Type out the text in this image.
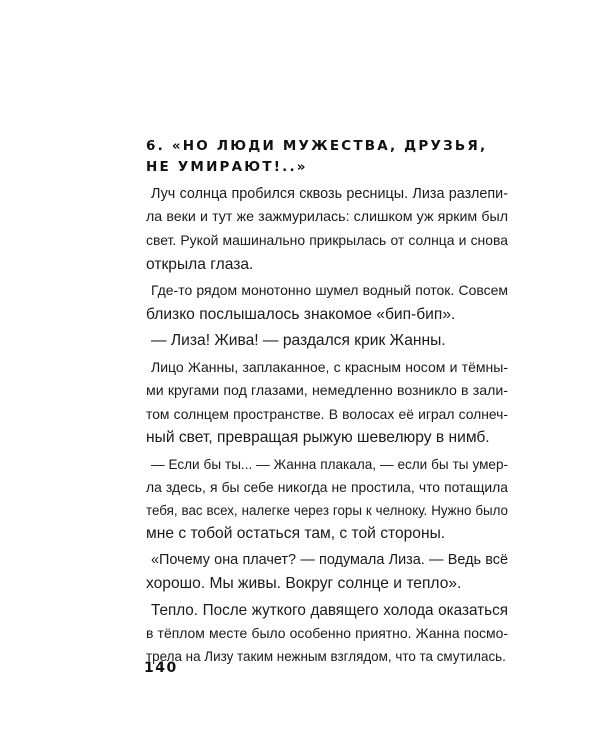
6. «НО ЛЮДИ МУЖЕСТВА, ДРУЗЬЯ,
НЕ УМИРАЮТ!..»
Луч солнца пробился сквозь ресницы. Лиза разлепи-
ла веки и тут же зажмурилась: слишком уж ярким был
свет. Рукой машинально прикрылась от солнца и снова
открыла глаза.
Где-то рядом монотонно шумел водный поток. Совсем
близко послышалось знакомое «бип-бип».
— Лиза! Жива! — раздался крик Жанны.
Лицо Жанны, заплаканное, с красным носом и тёмны-
ми кругами под глазами, немедленно возникло в зали-
том солнцем пространстве. В волосах её играл солнеч-
ный свет, превращая рыжую шевелюру в нимб.
— Если бы ты... — Жанна плакала, — если бы ты умер-
ла здесь, я бы себе никогда не простила, что потащила
тебя, вас всех, налегке через горы к челноку. Нужно было
мне с тобой остаться там, с той стороны.
«Почему она плачет? — подумала Лиза. — Ведь всё
хорошо. Мы живы. Вокруг солнце и тепло».
Тепло. После жуткого давящего холода оказаться
в тёплом месте было особенно приятно. Жанна посмо-
трела на Лизу таким нежным взглядом, что та смутилась.
140
